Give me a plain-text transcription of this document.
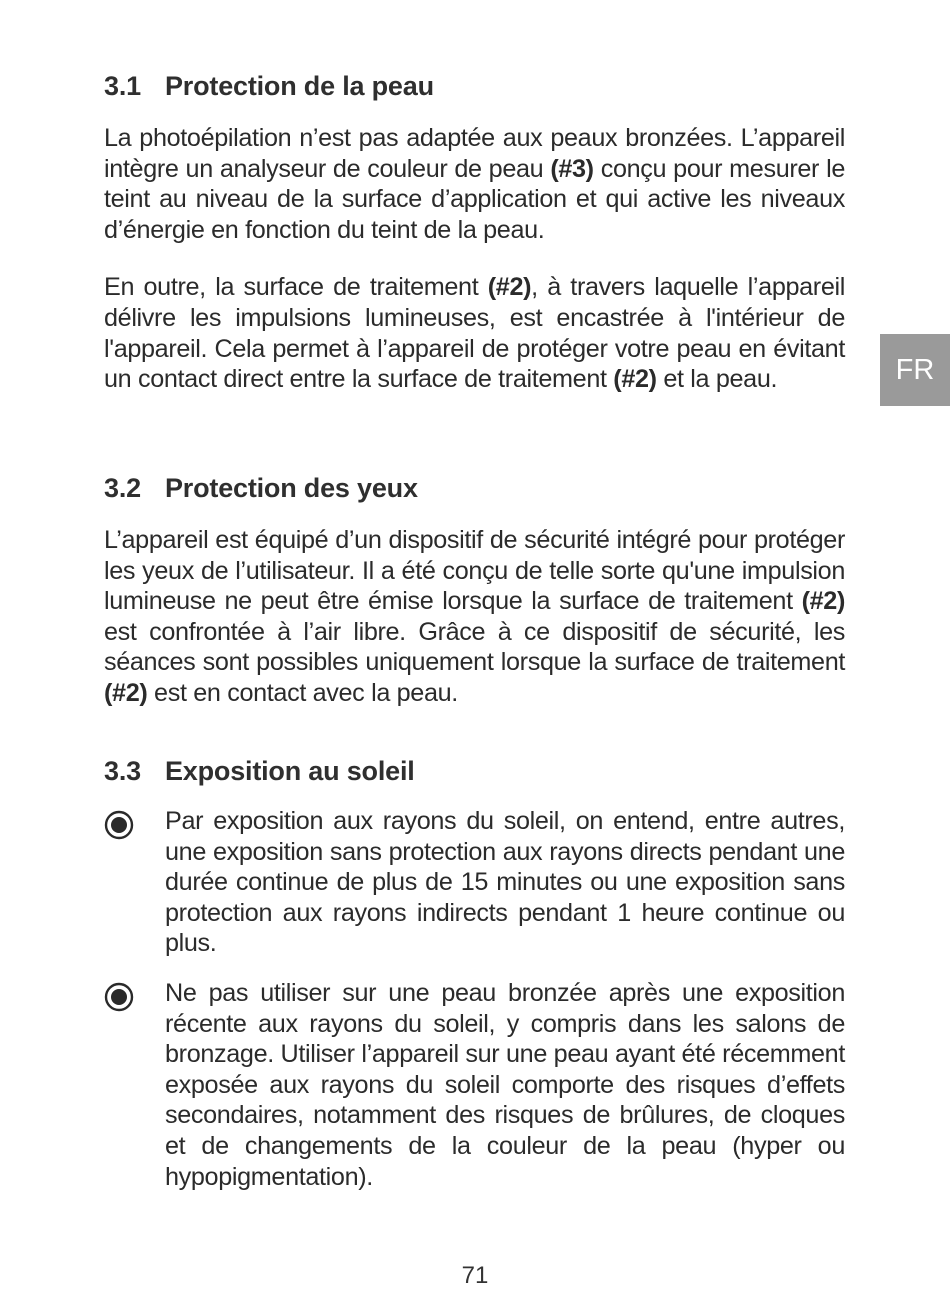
3.1 Protection de la peau

La photoépilation n’est pas adaptée aux peaux bronzées. L’appareil intègre un analyseur de couleur de peau (#3) conçu pour mesurer le teint au niveau de la surface d’application et qui active les niveaux d’énergie en fonction du teint de la peau.

En outre, la surface de traitement (#2), à travers laquelle l’appareil délivre les impulsions lumineuses, est encastrée à l'intérieur de l'appareil. Cela permet à l’appareil de protéger votre peau en évitant un contact direct entre la surface de traitement (#2) et la peau.

3.2 Protection des yeux

L’appareil est équipé d’un dispositif de sécurité intégré pour protéger les yeux de l’utilisateur. Il a été conçu de telle sorte qu'une impulsion lumineuse ne peut être émise lorsque la surface de traitement (#2) est confrontée à l’air libre. Grâce à ce dispositif de sécurité, les séances sont possibles uniquement lorsque la surface de traitement (#2) est en contact avec la peau.

3.3 Exposition au soleil

Par exposition aux rayons du soleil, on entend, entre autres, une exposition sans protection aux rayons directs pendant une durée continue de plus de 15 minutes ou une exposition sans protection aux rayons indirects pendant 1 heure continue ou plus.

Ne pas utiliser sur une peau bronzée après une exposition récente aux rayons du soleil, y compris dans les salons de bronzage. Utiliser l’appareil sur une peau ayant été récemment exposée aux rayons du soleil comporte des risques d’effets secondaires, notamment des risques de brûlures, de cloques et de changements de la couleur de la peau (hyper ou hypopigmentation).

FR
71
